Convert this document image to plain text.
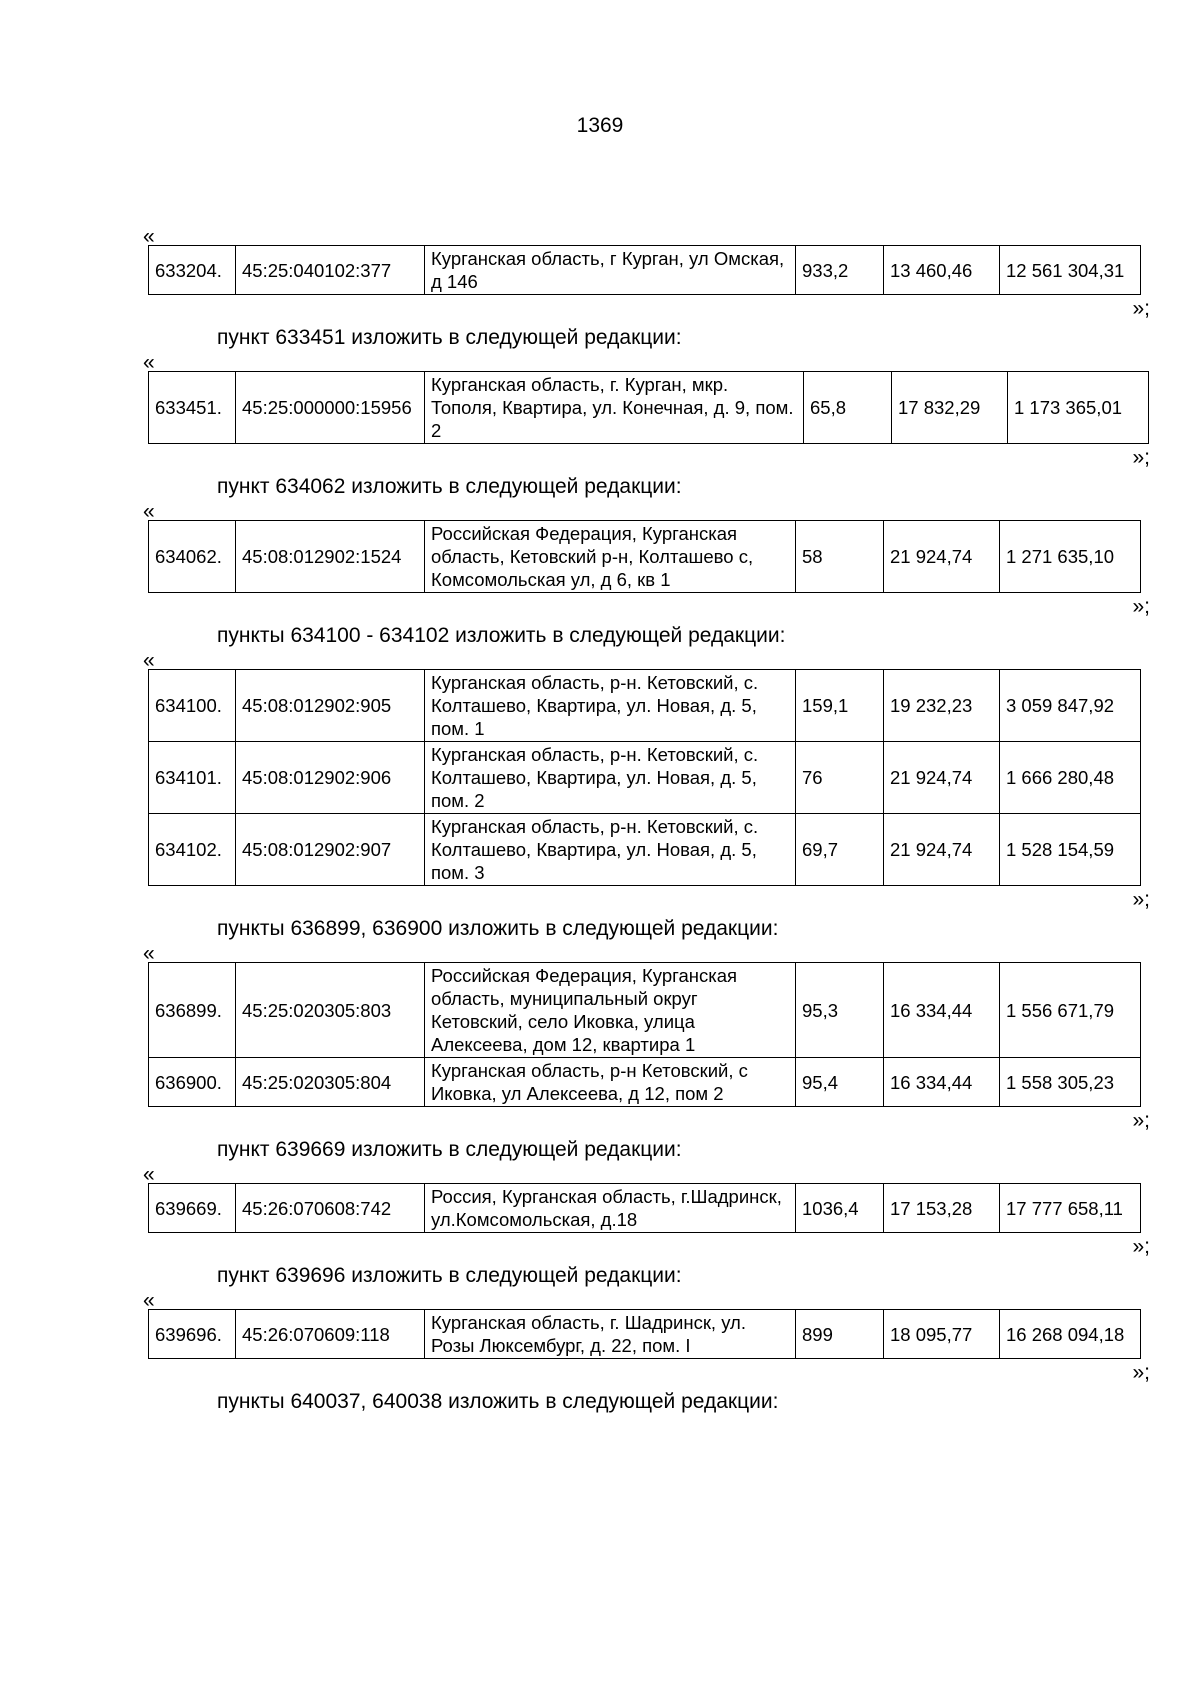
1369
«
633204.	45:25:040102:377	Курганская область, г Курган, ул Омская, д 146	933,2	13 460,46	12 561 304,31
»;

пункт 633451 изложить в следующей редакции:

«
633451.	45:25:000000:15956	Курганская область, г. Курган, мкр. Тополя, Квартира, ул. Конечная, д. 9, пом. 2	65,8	17 832,29	1 173 365,01
»;

пункт 634062 изложить в следующей редакции:

«
634062.	45:08:012902:1524	Российская Федерация, Курганская область, Кетовский р-н, Колташево с, Комсомольская ул, д 6, кв 1	58	21 924,74	1 271 635,10
»;

пункты 634100 - 634102 изложить в следующей редакции:

«
634100.	45:08:012902:905	Курганская область, р-н. Кетовский, с. Колташево, Квартира, ул. Новая, д. 5, пом. 1	159,1	19 232,23	3 059 847,92
634101.	45:08:012902:906	Курганская область, р-н. Кетовский, с. Колташево, Квартира, ул. Новая, д. 5, пом. 2	76	21 924,74	1 666 280,48
634102.	45:08:012902:907	Курганская область, р-н. Кетовский, с. Колташево, Квартира, ул. Новая, д. 5, пом. 3	69,7	21 924,74	1 528 154,59
»;

пункты 636899, 636900 изложить в следующей редакции:

«
636899.	45:25:020305:803	Российская Федерация, Курганская область, муниципальный округ Кетовский, село Иковка, улица Алексеева, дом 12, квартира 1	95,3	16 334,44	1 556 671,79
636900.	45:25:020305:804	Курганская область, р-н Кетовский, с Иковка, ул Алексеева, д 12, пом 2	95,4	16 334,44	1 558 305,23
»;

пункт 639669 изложить в следующей редакции:

«
639669.	45:26:070608:742	Россия, Курганская область, г.Шадринск, ул.Комсомольская, д.18	1036,4	17 153,28	17 777 658,11
»;

пункт 639696 изложить в следующей редакции:

«
639696.	45:26:070609:118	Курганская область, г. Шадринск, ул. Розы Люксембург, д. 22, пом. I	899	18 095,77	16 268 094,18
»;

пункты 640037, 640038 изложить в следующей редакции:
